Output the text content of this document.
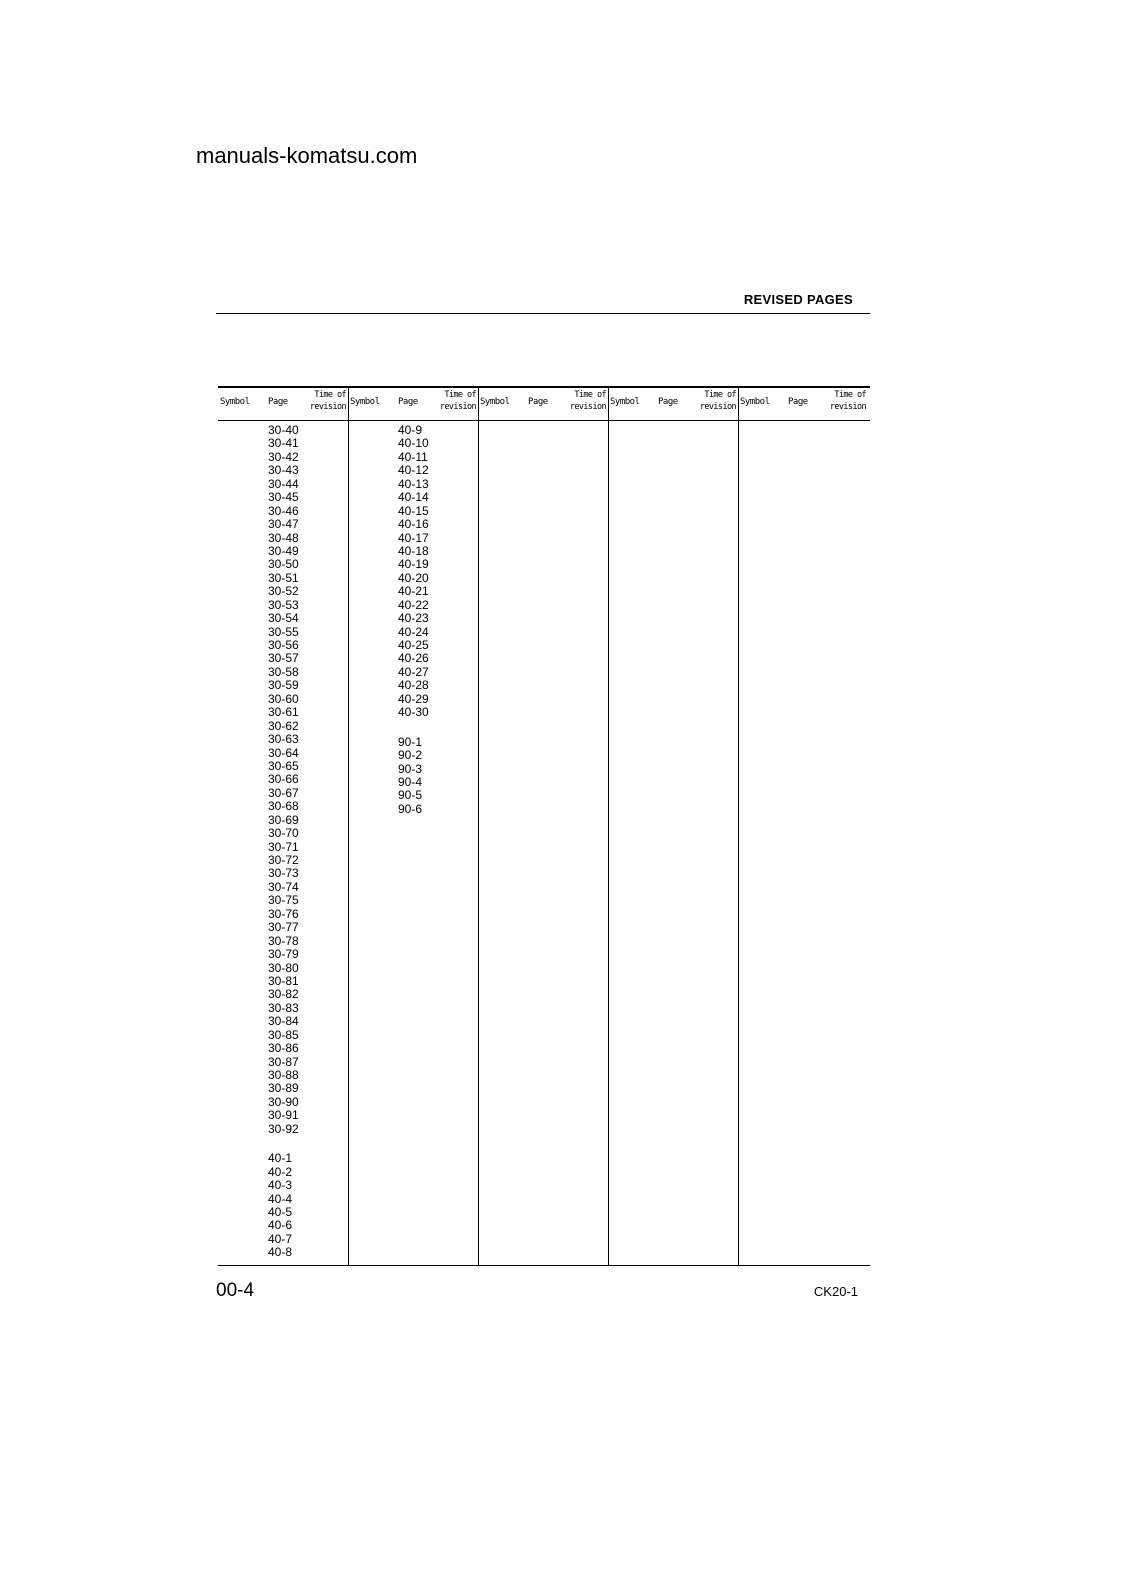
manuals-komatsu.com
REVISED PAGES
Symbol Page
Time of
revision
30-40
30-41
30-42
30-43
30-44
30-45
30-46
30-47
30-48
30-49
30-50
30-51
30-52
30-53
30-54
30-55
30-56
30-57
30-58
30-59
30-60
30-61
30-62
30-63
30-64
30-65
30-66
30-67
30-68
30-69
30-70
30-71
30-72
30-73
30-74
30-75
30-76
30-77
30-78
30-79
30-80
30-81
30-82
30-83
30-84
30-85
30-86
30-87
30-88
30-89
30-90
30-91
30-92
40-1
40-2
40-3
40-4
40-5
40-6
40-7
40-8
Symbol Page
Time of
revision
40-9
40-10
40-11
40-12
40-13
40-14
40-15
40-16
40-17
40-18
40-19
40-20
40-21
40-22
40-23
40-24
40-25
40-26
40-27
40-28
40-29
40-30
90-1
90-2
90-3
90-4
90-5
90-6
Symbol Page
Time of
revision Symbol Page
Time of
revision Symbol Page
Time of
revision
00-4	CK20-1
